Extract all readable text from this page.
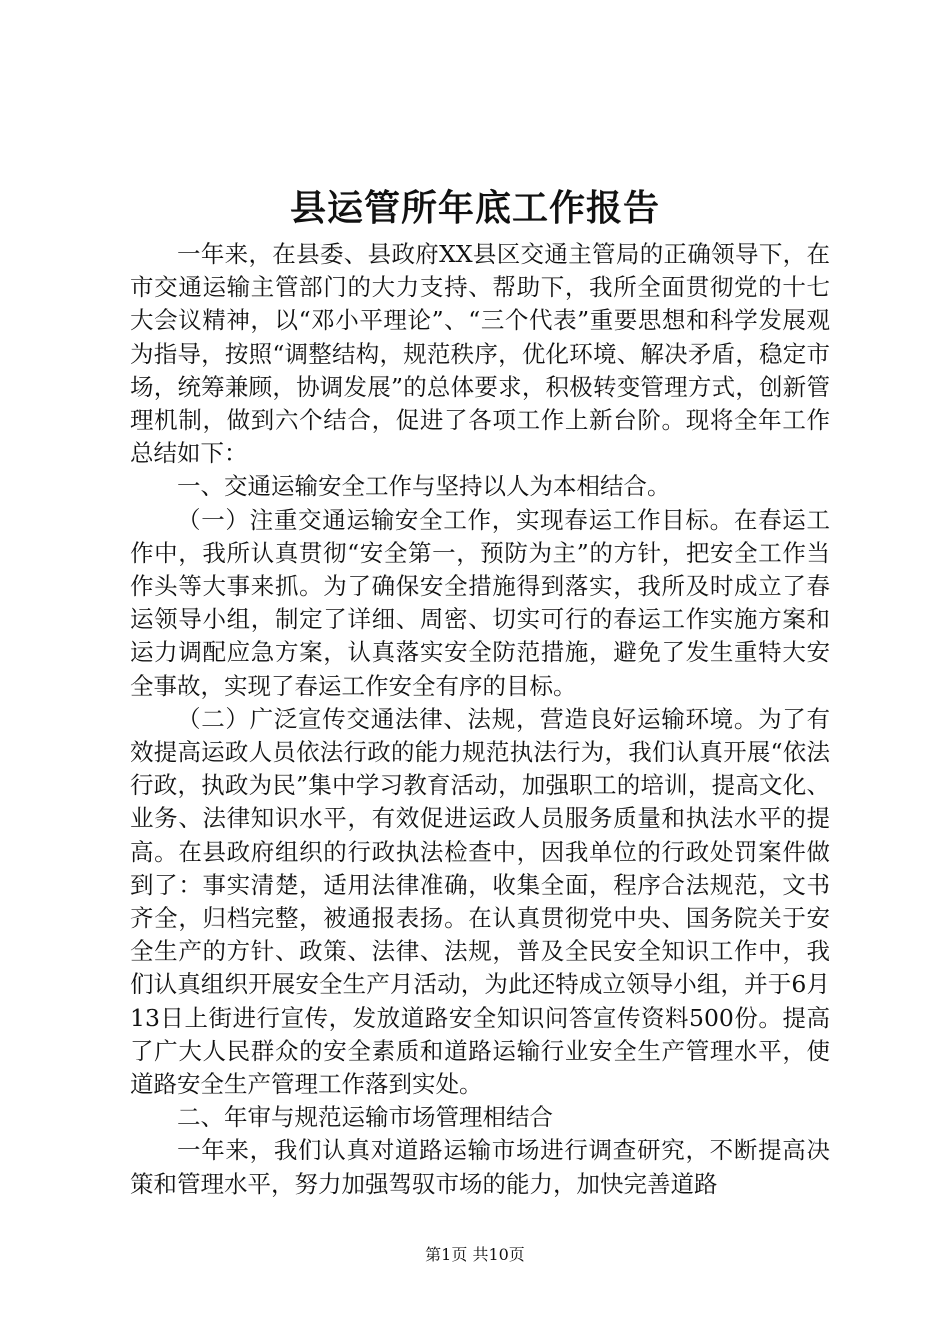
县运管所年底工作报告

一年来，在县委、县政府XX县区交通主管局的正确领导下，在市交通运输主管部门的大力支持、帮助下，我所全面贯彻党的十七大会议精神，以“邓小平理论”、“三个代表”重要思想和科学发展观为指导，按照“调整结构，规范秩序，优化环境、解决矛盾，稳定市场，统筹兼顾，协调发展”的总体要求，积极转变管理方式，创新管理机制，做到六个结合，促进了各项工作上新台阶。现将全年工作总结如下：

一、交通运输安全工作与坚持以人为本相结合。

（一）注重交通运输安全工作，实现春运工作目标。在春运工作中，我所认真贯彻“安全第一，预防为主”的方针，把安全工作当作头等大事来抓。为了确保安全措施得到落实，我所及时成立了春运领导小组，制定了详细、周密、切实可行的春运工作实施方案和运力调配应急方案，认真落实安全防范措施，避免了发生重特大安全事故，实现了春运工作安全有序的目标。

（二）广泛宣传交通法律、法规，营造良好运输环境。为了有效提高运政人员依法行政的能力规范执法行为，我们认真开展“依法行政，执政为民”集中学习教育活动，加强职工的培训，提高文化、业务、法律知识水平，有效促进运政人员服务质量和执法水平的提高。在县政府组织的行政执法检查中，因我单位的行政处罚案件做到了：事实清楚，适用法律准确，收集全面，程序合法规范，文书齐全，归档完整，被通报表扬。在认真贯彻党中央、国务院关于安全生产的方针、政策、法律、法规，普及全民安全知识工作中，我们认真组织开展安全生产月活动，为此还特成立领导小组，并于6月13日上街进行宣传，发放道路安全知识问答宣传资料500份。提高了广大人民群众的安全素质和道路运输行业安全生产管理水平，使道路安全生产管理工作落到实处。

二、年审与规范运输市场管理相结合

一年来，我们认真对道路运输市场进行调查研究，不断提高决策和管理水平，努力加强驾驭市场的能力，加快完善道路

第1页 共10页
